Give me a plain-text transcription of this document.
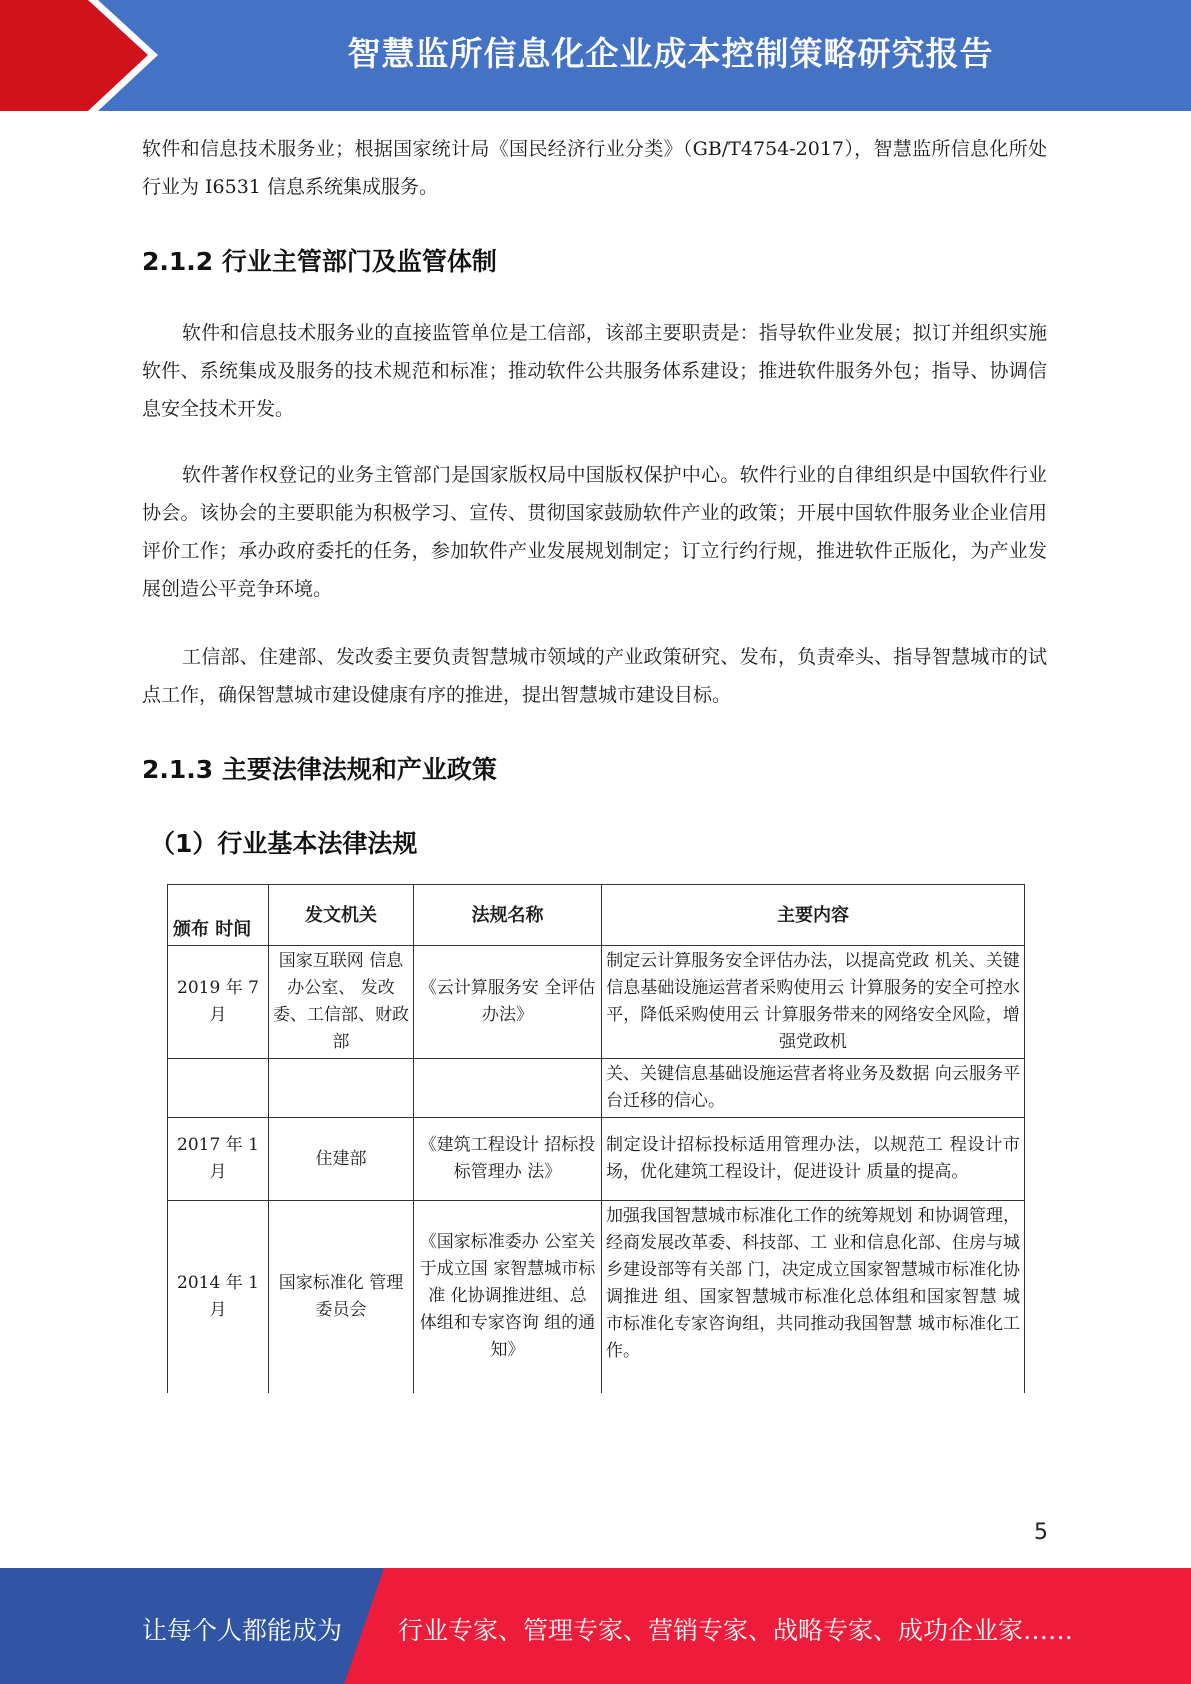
智慧监所信息化企业成本控制策略研究报告

软件和信息技术服务业；根据国家统计局《国民经济行业分类》（GB/T4754-2017），智慧监所信息化所处行业为 I6531 信息系统集成服务。

2.1.2 行业主管部门及监管体制

软件和信息技术服务业的直接监管单位是工信部，该部主要职责是：指导软件业发展；拟订并组织实施软件、系统集成及服务的技术规范和标准；推动软件公共服务体系建设；推进软件服务外包；指导、协调信息安全技术开发。

软件著作权登记的业务主管部门是国家版权局中国版权保护中心。软件行业的自律组织是中国软件行业协会。该协会的主要职能为积极学习、宣传、贯彻国家鼓励软件产业的政策；开展中国软件服务业企业信用评价工作；承办政府委托的任务，参加软件产业发展规划制定；订立行约行规，推进软件正版化，为产业发展创造公平竞争环境。

工信部、住建部、发改委主要负责智慧城市领域的产业政策研究、发布，负责牵头、指导智慧城市的试点工作，确保智慧城市建设健康有序的推进，提出智慧城市建设目标。

2.1.3 主要法律法规和产业政策
（1）行业基本法律法规
颁布 时间	发文机关	法规名称	主要内容
2019 年 7月	国家互联网 信息办公室、 发改委、工信部、财政部	《云计算服务安 全评估办法》	制定云计算服务安全评估办法，以提高党政 机关、关键信息基础设施运营者采购使用云 计算服务的安全可控水平，降低采购使用云 计算服务带来的网络安全风险，增强党政机
			关、关键信息基础设施运营者将业务及数据 向云服务平台迁移的信心。
2017 年 1月	住建部	《建筑工程设计 招标投标管理办 法》	制定设计招标投标适用管理办法，以规范工 程设计市场，优化建筑工程设计，促进设计 质量的提高。
2014 年 1月	国家标准化 管理委员会	《国家标准委办 公室关于成立国 家智慧城市标准 化协调推进组、总 体组和专家咨询 组的通知》	加强我国智慧城市标准化工作的统筹规划 和协调管理，经商发展改革委、科技部、工 业和信息化部、住房与城乡建设部等有关部 门，决定成立国家智慧城市标准化协调推进 组、国家智慧城市标准化总体组和国家智慧 城市标准化专家咨询组，共同推动我国智慧 城市标准化工作。
5
让每个人都能成为 行业专家、管理专家、营销专家、战略专家、成功企业家……
